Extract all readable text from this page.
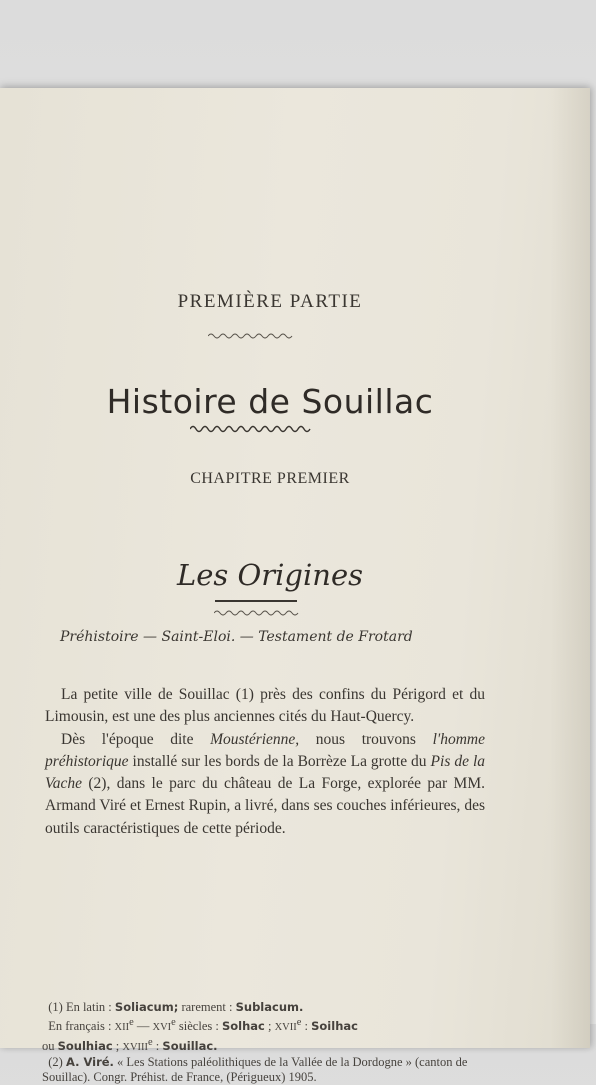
PREMIÈRE PARTIE
Histoire de Souillac
CHAPITRE PREMIER
Les Origines
Préhistoire — Saint-Eloi. — Testament de Frotard

La petite ville de Souillac (1) près des confins du Périgord et du Limousin, est une des plus anciennes cités du Haut-Quercy.

Dès l'époque dite Moustérienne, nous trouvons l'homme préhistorique installé sur les bords de la Borrèze La grotte du Pis de la Vache (2), dans le parc du château de La Forge, explorée par MM. Armand Viré et Ernest Rupin, a livré, dans ses couches inférieures, des outils caractéristiques de cette période.

(1) En latin : Soliacum; rarement : Sublacum.
En français : XIIe — XVIe siècles : Solhac ; XVIIe : Soilhac
ou Soulhiac ; XVIIIe : Souillac.

(2) A. Viré. « Les Stations paléolithiques de la Vallée de la Dordogne » (canton de Souillac). Congr. Préhist. de France, (Périgueux) 1905.
